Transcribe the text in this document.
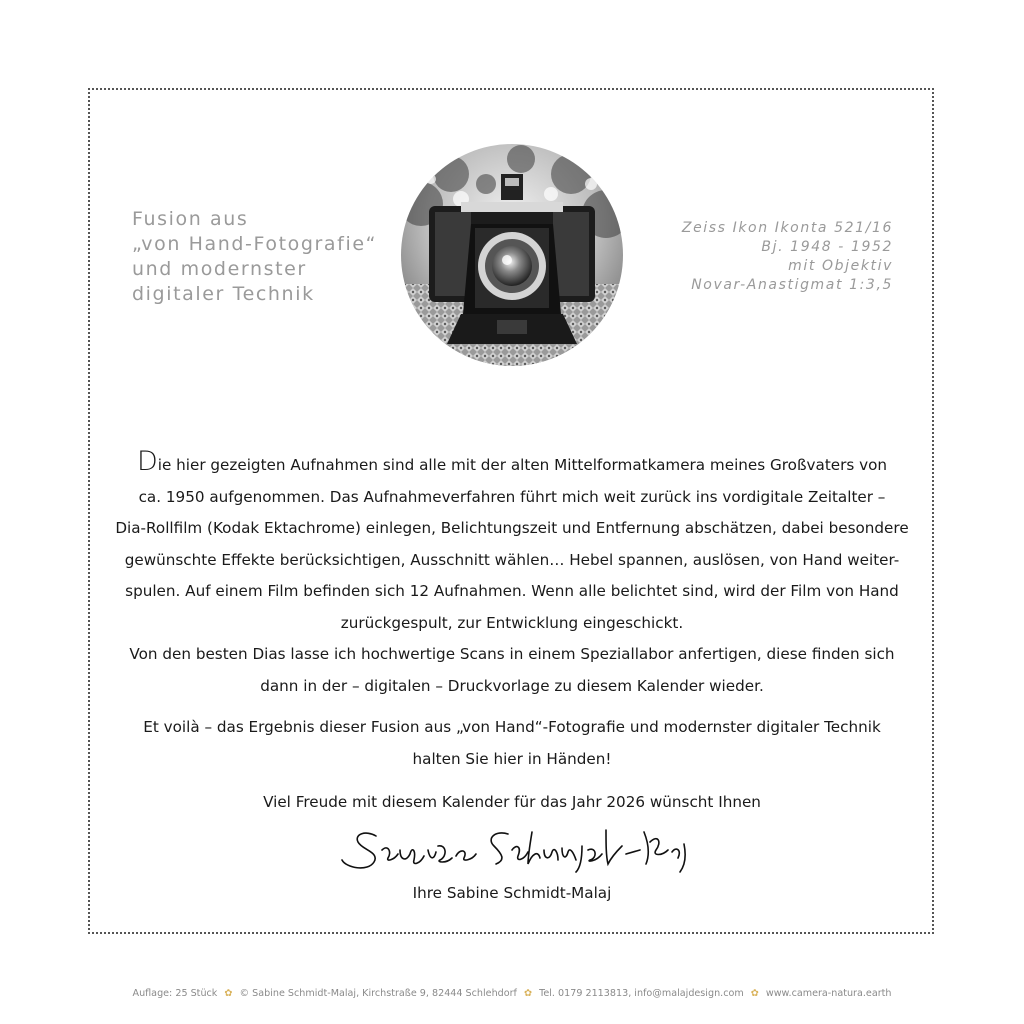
Fusion aus
„von Hand-Fotografie“
und modernster
digitaler Technik
Zeiss Ikon Ikonta 521/16
Bj. 1948 - 1952
mit Objektiv
Novar-Anastigmat 1:3,5
Die hier gezeigten Aufnahmen sind alle mit der alten Mittelformatkamera meines Großvaters von
ca. 1950 aufgenommen. Das Aufnahmeverfahren führt mich weit zurück ins vordigitale Zeitalter –
Dia-Rollfilm (Kodak Ektachrome) einlegen, Belichtungszeit und Entfernung abschätzen, dabei besondere
gewünschte Effekte berücksichtigen, Ausschnitt wählen… Hebel spannen, auslösen, von Hand weiter-
spulen. Auf einem Film befinden sich 12 Aufnahmen. Wenn alle belichtet sind, wird der Film von Hand
zurückgespult, zur Entwicklung eingeschickt.
Von den besten Dias lasse ich hochwertige Scans in einem Speziallabor anfertigen, diese finden sich
dann in der – digitalen – Druckvorlage zu diesem Kalender wieder.
Et voilà – das Ergebnis dieser Fusion aus „von Hand“-Fotografie und modernster digitaler Technik
halten Sie hier in Händen!
Viel Freude mit diesem Kalender für das Jahr 2026 wünscht Ihnen
Ihre Sabine Schmidt-Malaj
Auflage: 25 Stück ✿ © Sabine Schmidt-Malaj, Kirchstraße 9, 82444 Schlehdorf ✿ Tel. 0179 2113813, info@malajdesign.com ✿ www.camera-natura.earth
